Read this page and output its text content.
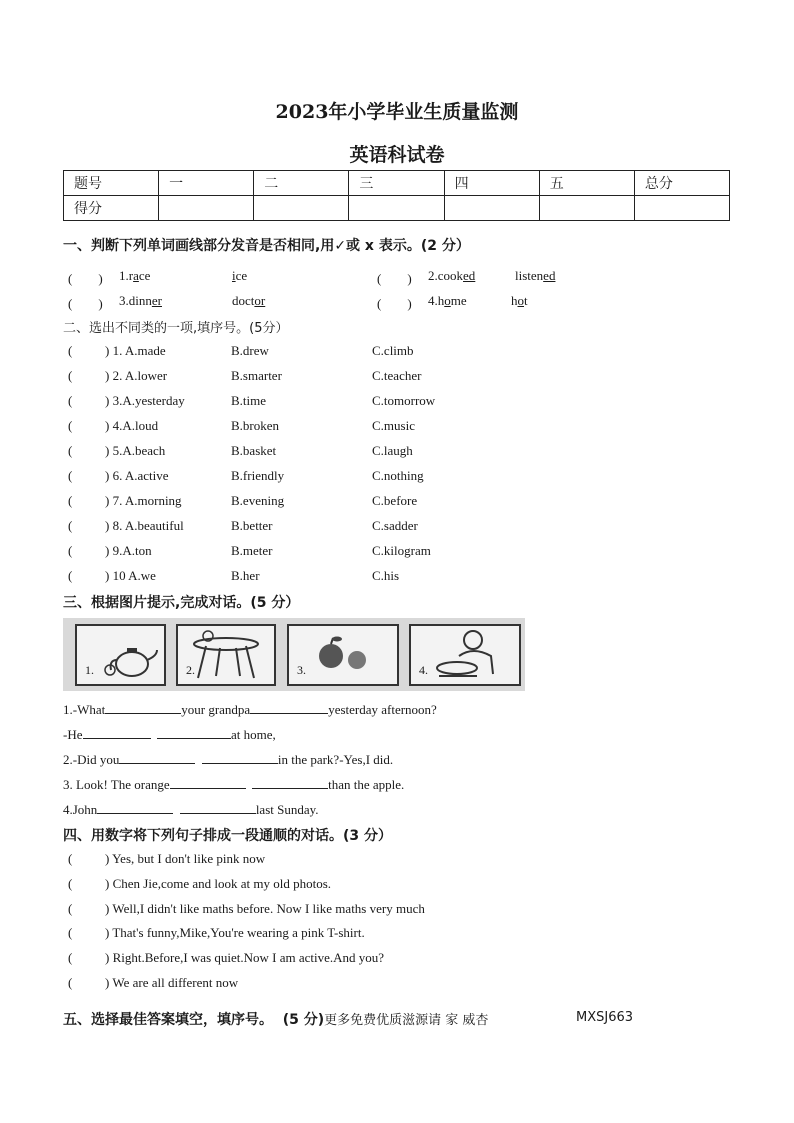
2023年小学毕业生质量监测
英语科试卷
题号	一	二	三	四	五	总分
得分						
一、判断下列单词画线部分发音是否相同,用✓或 x 表示。(2 分）
(　　) 1.race	ice	(　　) 2.cooked	listened
(　　) 3.dinner	doctor	(　　) 4.home	hot
二、选出不同类的一项,填序号。(5分）
(	) 1. A.made	B.drew	C.climb
(	) 2. A.lower	B.smarter	C.teacher
(	) 3.A.yesterday	B.time	C.tomorrow
(	) 4.A.loud	B.broken	C.music
(	) 5.A.beach	B.basket	C.laugh
(	) 6. A.active	B.friendly	C.nothing
(	) 7. A.morning	B.evening	C.before
(	) 8. A.beautiful	B.better	C.sadder
(	) 9.A.ton	B.meter	C.kilogram
(	) 10 A.we	B.her	C.his
三、根据图片提示,完成对话。(5 分）
1.	2.	3.	4.
1.-What	your grandpa	yesterday afternoon?
-He	at home,
2.-Did you	in the park?-Yes,I did.
3. Look! The orange	than the apple.
4.John	last Sunday.
四、用数字将下列句子排成一段通顺的对话。(3 分）
(	) Yes, but I don't like pink now
(	) Chen Jie,come and look at my old photos.
(	) Well,I didn't like maths before. Now I like maths very much
(	) That's funny,Mike,You're wearing a pink T-shirt.
(	) Right.Before,I was quiet.Now I am active.And you?
(	) We are all different now
五、选择最佳答案填空，填序号。 (5 分)更多免费优质滋源请 家 威杏	MXSJ663
